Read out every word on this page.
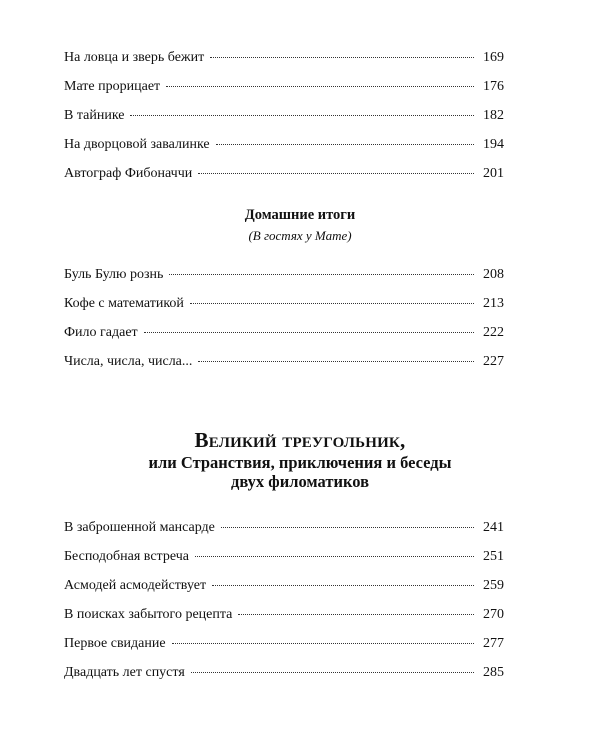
На ловца и зверь бежит	169
Мате прорицает	176
В тайнике	182
На дворцовой завалинке	194
Автограф Фибоначчи	201
Домашние итоги
(В гостях у Мате)
Буль Булю рознь	208
Кофе с математикой	213
Фило гадает	222
Числа, числа, числа...	227
Великий треугольник,
или Странствия, приключения и беседы
двух филоматиков
В заброшенной мансарде	241
Бесподобная встреча	251
Асмодей асмодействует	259
В поисках забытого рецепта	270
Первое свидание	277
Двадцать лет спустя	285
